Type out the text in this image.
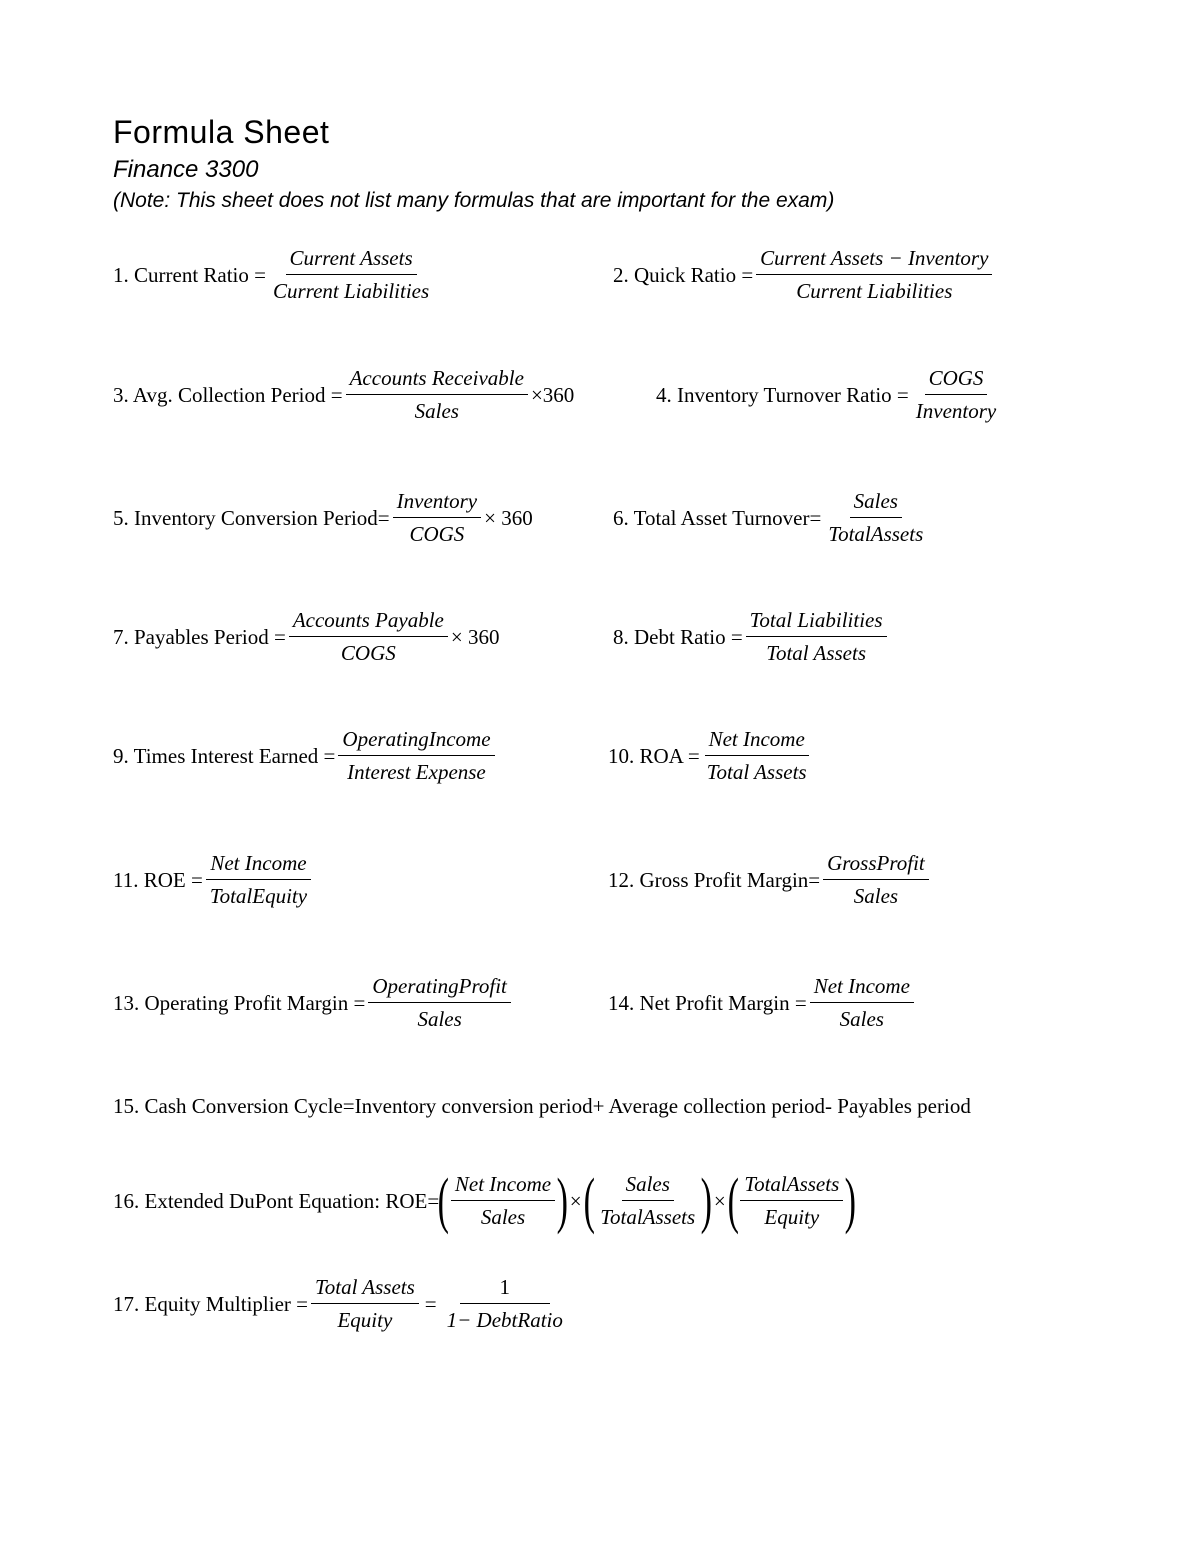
Formula Sheet
Finance 3300
(Note: This sheet does not list many formulas that are important for the exam)
1. Current Ratio = $\frac{\text{Current Assets}}{\text{Current Liabilities}}$	2. Quick Ratio = $\frac{\text{Current Assets − Inventory}}{\text{Current Liabilities}}$
3. Avg. Collection Period = $\frac{\text{Accounts Receivable}}{\text{Sales}} \times 360$	4. Inventory Turnover Ratio = $\frac{\text{COGS}}{\text{Inventory}}$
5. Inventory Conversion Period= $\frac{\text{Inventory}}{\text{COGS}} \times 360$	6. Total Asset Turnover= $\frac{\text{Sales}}{\text{TotalAssets}}$
7. Payables Period = $\frac{\text{Accounts Payable}}{\text{COGS}} \times 360$	8. Debt Ratio = $\frac{\text{Total Liabilities}}{\text{Total Assets}}$
9. Times Interest Earned = $\frac{\text{OperatingIncome}}{\text{Interest Expense}}$	10. ROA = $\frac{\text{Net Income}}{\text{Total Assets}}$
11. ROE = $\frac{\text{Net Income}}{\text{TotalEquity}}$	12. Gross Profit Margin= $\frac{\text{GrossProfit}}{\text{Sales}}$
13. Operating Profit Margin = $\frac{\text{OperatingProfit}}{\text{Sales}}$	14. Net Profit Margin = $\frac{\text{Net Income}}{\text{Sales}}$
15. Cash Conversion Cycle=Inventory conversion period+ Average collection period- Payables period
16. Extended DuPont Equation: ROE=
( $\frac{\text{Net Income}}{\text{Sales}}$ ) × ( $\frac{\text{Sales}}{\text{TotalAssets}}$ ) × ( $\frac{\text{TotalAssets}}{\text{Equity}}$ )
17. Equity Multiplier = $\frac{\text{Total Assets}}{\text{Equity}} = \frac{1}{\text{1− DebtRatio}}$
